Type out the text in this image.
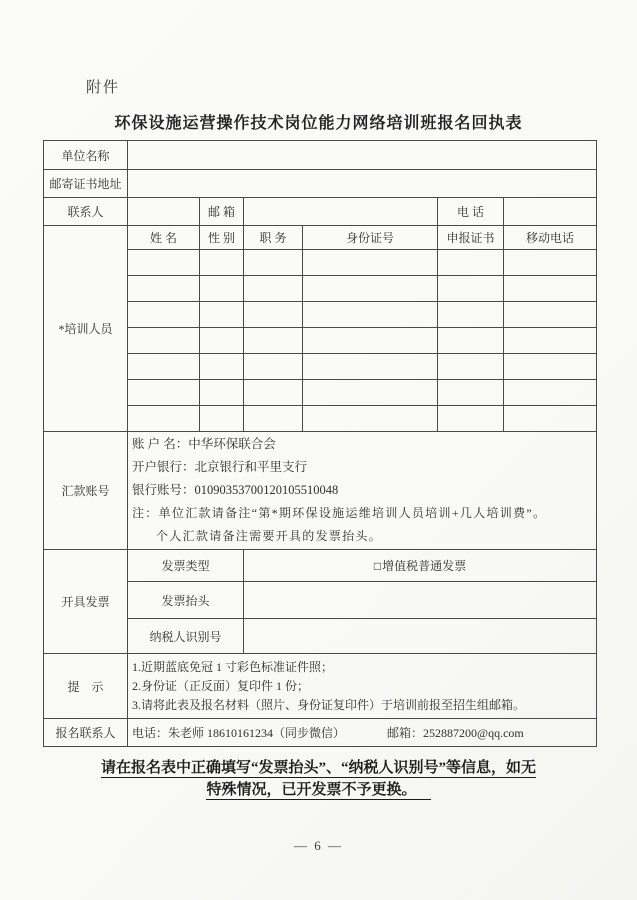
附件
环保设施运营操作技术岗位能力网络培训班报名回执表
单位名称						
邮寄证书地址						
联系人		邮 箱			电 话	
*培训人员	姓 名	性 别	职 务	身份证号	申报证书	移动电话

汇款账号	账 户 名：中华环保联合会
开户银行：北京银行和平里支行
银行账号：01090353700120105510048
注：单位汇款请备注“第*期环保设施运维培训人员培训+几人培训费”。
个人汇款请备注需要开具的发票抬头。					

开具发票	发票类型		□增值税普通发票			
	发票抬头					
	纳税人识别号					
提　示	1.近期蓝底免冠 1 寸彩色标准证件照；
2.身份证（正反面）复印件 1 份；
3.请将此表及报名材料（照片、身份证复印件）于培训前报至招生组邮箱。					

报名联系人	电话：朱老师 18610161234（同步微信） 邮箱：252887200@qq.com					
请在报名表中正确填写“发票抬头”、“纳税人识别号”等信息，如无
特殊情况，已开发票不予更换。
— 6 —
